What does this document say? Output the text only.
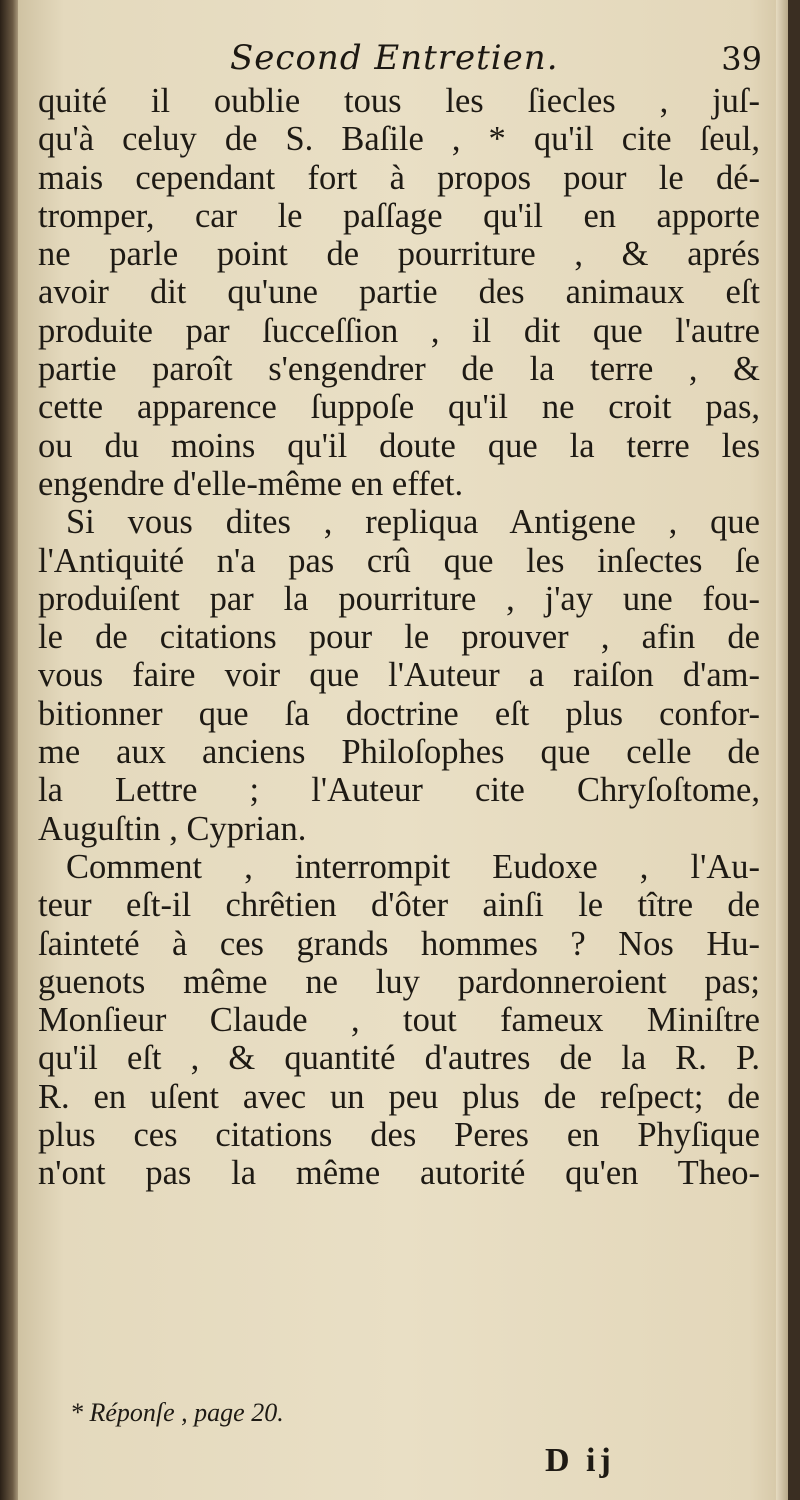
Second Entretien.	39
quité il oublie tous les ſiecles , juſ-
qu'à celuy de S. Baſile , * qu'il cite ſeul,
mais cependant fort à propos pour le dé-
tromper, car le paſſage qu'il en apporte
ne parle point de pourriture , & aprés
avoir dit qu'une partie des animaux eſt
produite par ſucceſſion , il dit que l'autre
partie paroît s'engendrer de la terre , &
cette apparence ſuppoſe qu'il ne croit pas,
ou du moins qu'il doute que la terre les
engendre d'elle-même en effet.
Si vous dites , repliqua Antigene , que
l'Antiquité n'a pas crû que les inſectes ſe
produiſent par la pourriture , j'ay une fou-
le de citations pour le prouver , afin de
vous faire voir que l'Auteur a raiſon d'am-
bitionner que ſa doctrine eſt plus confor-
me aux anciens Philoſophes que celle de
la Lettre ; l'Auteur cite Chryſoſtome,
Auguſtin , Cyprian.
Comment , interrompit Eudoxe , l'Au-
teur eſt-il chrêtien d'ôter ainſi le tître de
ſainteté à ces grands hommes ? Nos Hu-
guenots même ne luy pardonneroient pas;
Monſieur Claude , tout fameux Miniſtre
qu'il eſt , & quantité d'autres de la R. P.
R. en uſent avec un peu plus de reſpect; de
plus ces citations des Peres en Phyſique
n'ont pas la même autorité qu'en Theo-
* Réponſe , page 20.
D ij
